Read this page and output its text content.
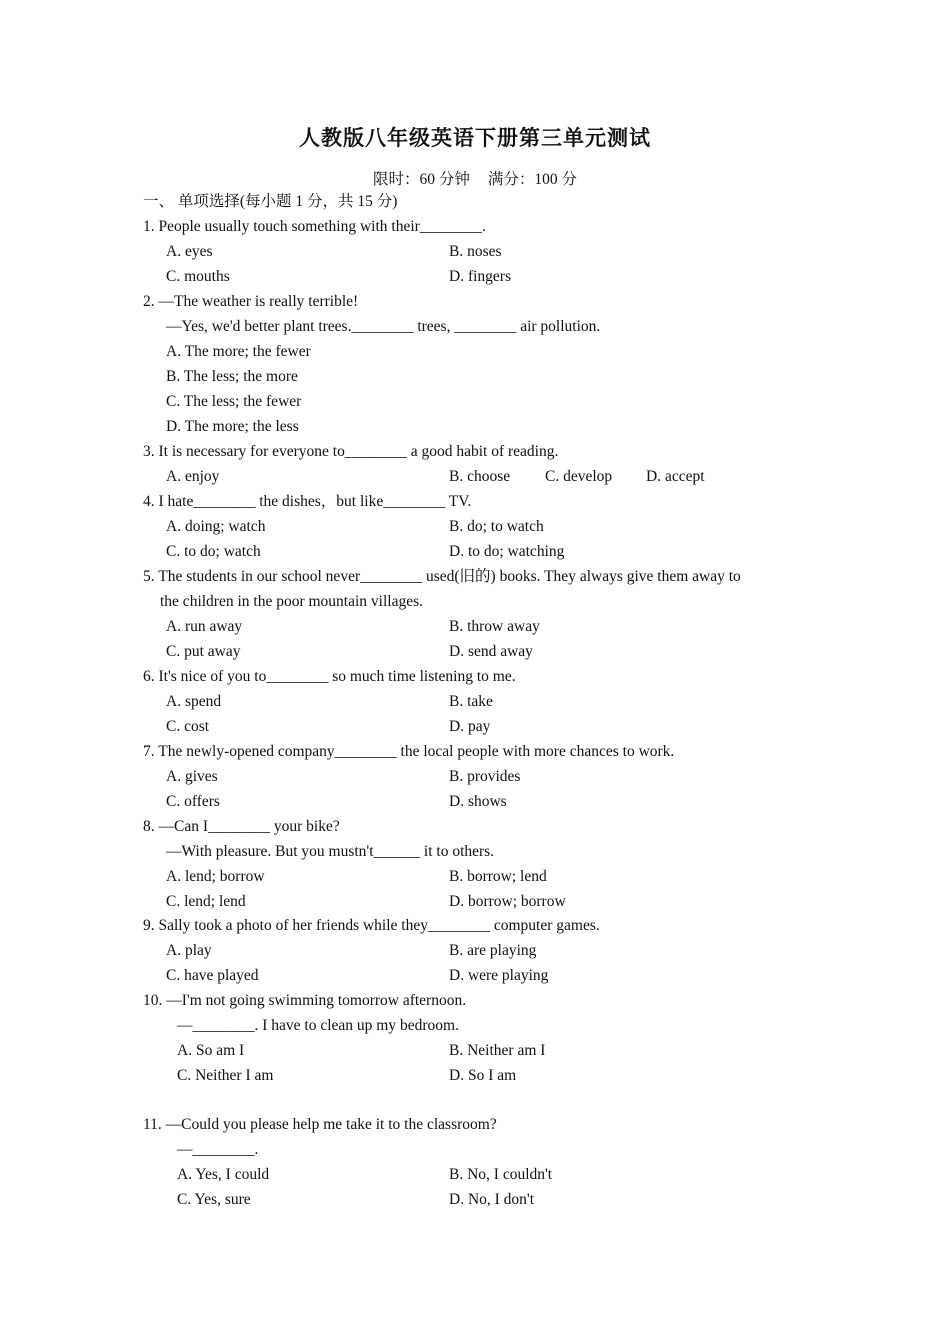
人教版八年级英语下册第三单元测试
限时：60 分钟 满分：100 分
一、 单项选择(每小题 1 分，共 15 分)
1. People usually touch something with their________.
A. eyes	B. noses
C. mouths	D. fingers
2. —The weather is really terrible!
—Yes, we'd better plant trees.________ trees, ________ air pollution.
A. The more; the fewer
B. The less; the more
C. The less; the fewer
D. The more; the less
3. It is necessary for everyone to________ a good habit of reading.
A. enjoy	B. choose C. develop D. accept
4. I hate________ the dishes，but like________ TV.
A. doing; watch	B. do; to watch
C. to do; watch	D. to do; watching
5. The students in our school never________ used(旧的) books. They always give them away to
the children in the poor mountain villages.
A. run away	B. throw away
C. put away	D. send away
6. It's nice of you to________ so much time listening to me.
A. spend	B. take
C. cost	D. pay
7. The newly-opened company________ the local people with more chances to work.
A. gives	B. provides
C. offers	D. shows
8. —Can I________ your bike?
—With pleasure. But you mustn't______ it to others.
A. lend; borrow	B. borrow; lend
C. lend; lend	D. borrow; borrow
9. Sally took a photo of her friends while they________ computer games.
A. play	B. are playing
C. have played	D. were playing
10. —I'm not going swimming tomorrow afternoon.
—________. I have to clean up my bedroom.
A. So am I	B. Neither am I
C. Neither I am	D. So I am
11. —Could you please help me take it to the classroom?
—________.
A. Yes, I could	B. No, I couldn't
C. Yes, sure	D. No, I don't
